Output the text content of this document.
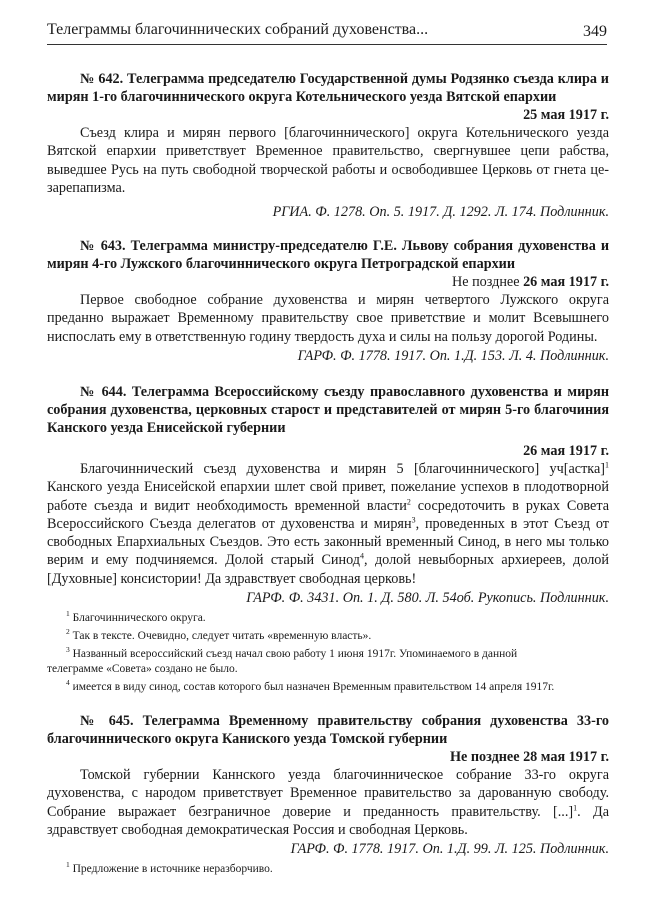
Телеграммы благочиннических собраний духовенства...	349

№ 642. Телеграмма председателю Государственной думы Родзянко съезда клира и мирян 1-го благочиннического округа Котельнического уезда Вятской епархии

25 мая 1917 г.

Съезд клира и мирян первого [благочиннического] округа Котельнического уезда Вятской епархии приветствует Временное правительство, свергнувшее цепи рабства, выведшее Русь на путь свободной творческой работы и освободившее Церковь от гнета це-зарепапизма.

РГИА. Ф. 1278. Оп. 5. 1917. Д. 1292. Л. 174. Подлинник.

№ 643. Телеграмма министру-председателю Г.Е. Львову собрания духовенства и мирян 4-го Лужского благочиннического округа Петроградской епархии

Не позднее 26 мая 1917 г.

Первое свободное собрание духовенства и мирян четвертого Лужского округа преданно выражает Временному правительству свое приветствие и молит Всевышнего ниспослать ему в ответственную годину твердость духа и силы на пользу дорогой Родины.

ГАРФ. Ф. 1778. 1917. Оп. 1.Д. 153. Л. 4. Подлинник.

№ 644. Телеграмма Всероссийскому съезду православного духовенства и мирян собрания духовенства, церковных старост и представителей от мирян 5-го благочиния Канского уезда Енисейской губернии

26 мая 1917 г.

Благочиннический съезд духовенства и мирян 5 [благочиннического] уч[астка]$^1$ Канского уезда Енисейской епархии шлет свой привет, пожелание успехов в плодотворной работе съезда и видит необходимость временной власти$^2$ сосредоточить в руках Совета Всероссийского Съезда делегатов от духовенства и мирян$^3$, проведенных в этот Съезд от свободных Епархиальных Съездов. Это есть законный временный Синод, в него мы только верим и ему подчиняемся. Долой старый Синод$^4$, долой невыборных архиереев, долой [Духовные] консистории! Да здравствует свободная церковь!

ГАРФ. Ф. 3431. Оп. 1. Д. 580. Л. 54об. Рукопись. Подлинник.

$^1$ Благочиннического округа.
$^2$ Так в тексте. Очевидно, следует читать «временную власть».
$^3$ Названный всероссийский съезд начал свою работу 1 июня 1917г. Упоминаемого в данной
телеграмме «Совета» создано не было.
$^4$ имеется в виду синод, состав которого был назначен Временным правительством 14 апреля 1917г.

№ 645. Телеграмма Временному правительству собрания духовенства 33-го благочиннического округа Каниского уезда Томской губернии

Не позднее 28 мая 1917 г.

Томской губернии Каннского уезда благочинническое собрание 33-го округа духовенства, с народом приветствует Временное правительство за дарованную свободу. Собрание выражает безграничное доверие и преданность правительству. [...]$^1$. Да здравствует свободная демократическая Россия и свободная Церковь.

ГАРФ. Ф. 1778. 1917. Оп. 1.Д. 99. Л. 125. Подлинник.

$^1$ Предложение в источнике неразборчиво.
